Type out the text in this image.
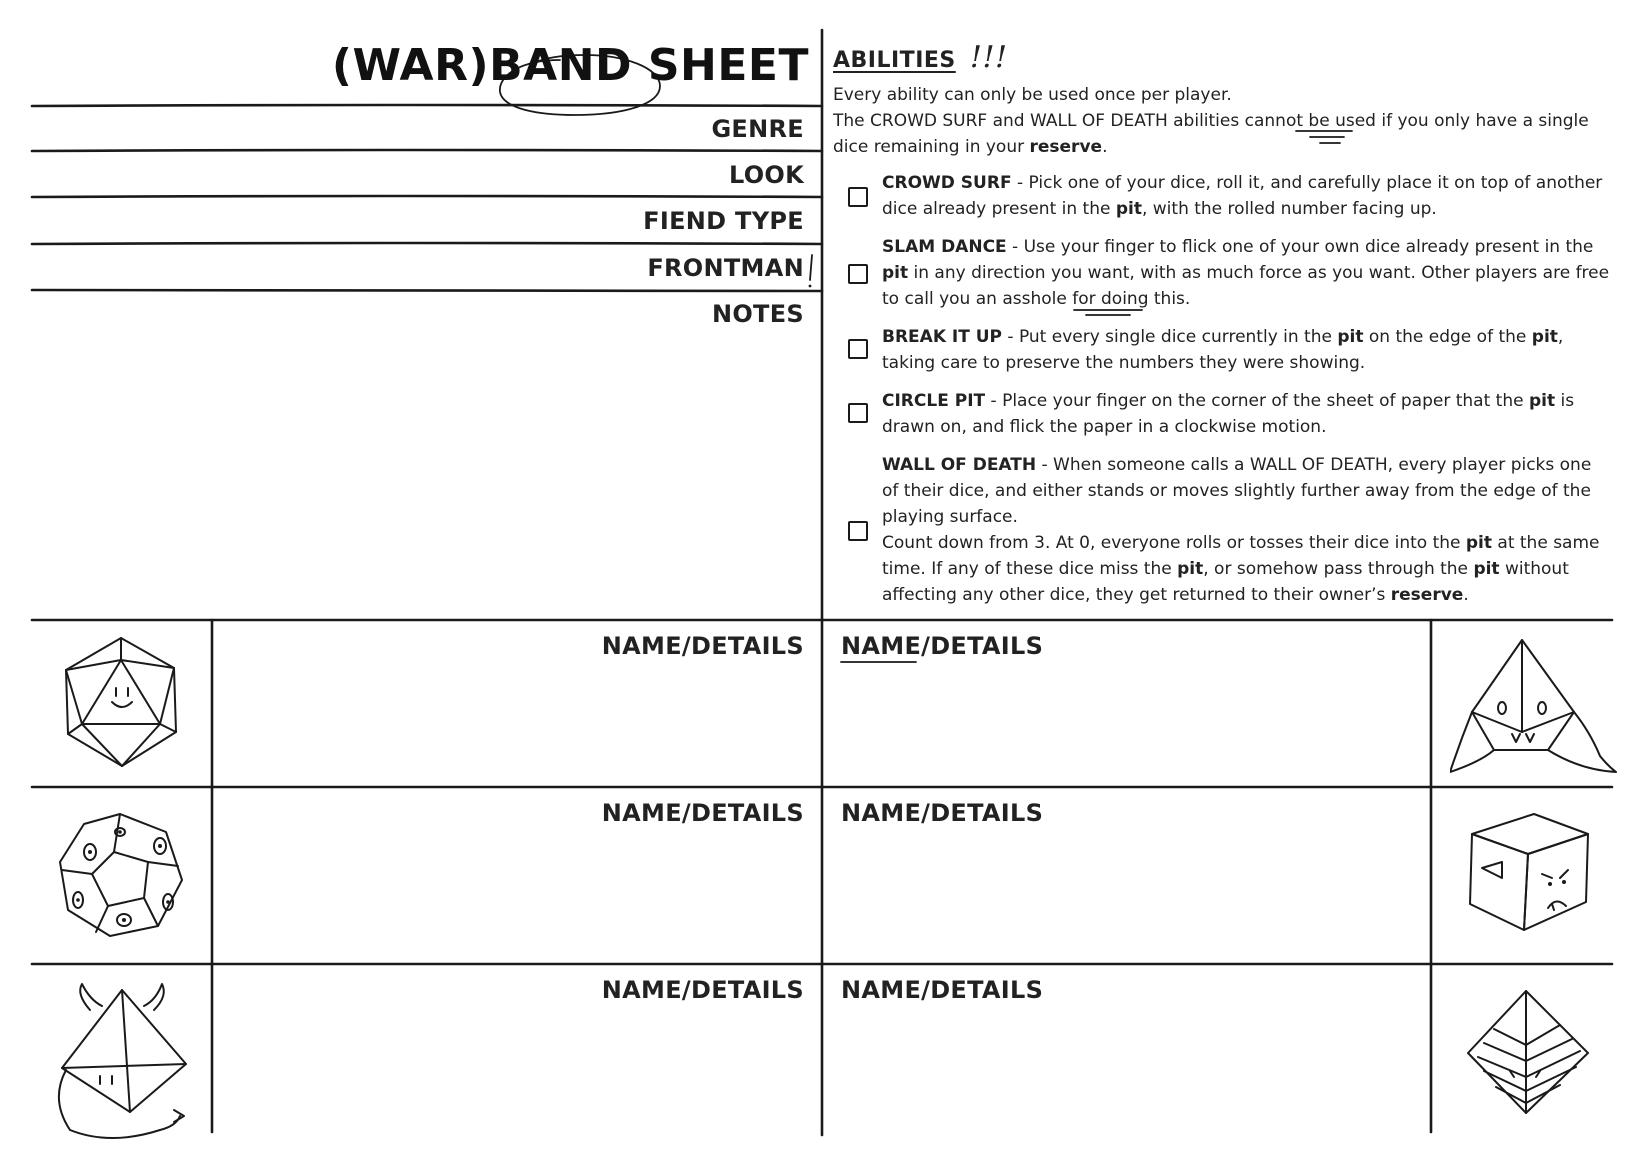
(WAR)BAND SHEET
GENRE
LOOK
FIEND TYPE
FRONTMAN
NOTES
ABILITIES !!!
Every ability can only be used once per player.
The CROWD SURF and WALL OF DEATH abilities cannot be used if you only have a single dice remaining in your reserve.

CROWD SURF - Pick one of your dice, roll it, and carefully place it on top of another dice already present in the pit, with the rolled number facing up.

SLAM DANCE - Use your finger to flick one of your own dice already present in the pit in any direction you want, with as much force as you want. Other players are free to call you an asshole for doing this.

BREAK IT UP - Put every single dice currently in the pit on the edge of the pit, taking care to preserve the numbers they were showing.

CIRCLE PIT - Place your finger on the corner of the sheet of paper that the pit is drawn on, and flick the paper in a clockwise motion.

WALL OF DEATH - When someone calls a WALL OF DEATH, every player picks one of their dice, and either stands or moves slightly further away from the edge of the playing surface.

Count down from 3. At 0, everyone rolls or tosses their dice into the pit at the same time. If any of these dice miss the pit, or somehow pass through the pit without affecting any other dice, they get returned to their owner’s reserve.

NAME/DETAILS
NAME/DETAILS
NAME/DETAILS
NAME/DETAILS
NAME/DETAILS
NAME/DETAILS
